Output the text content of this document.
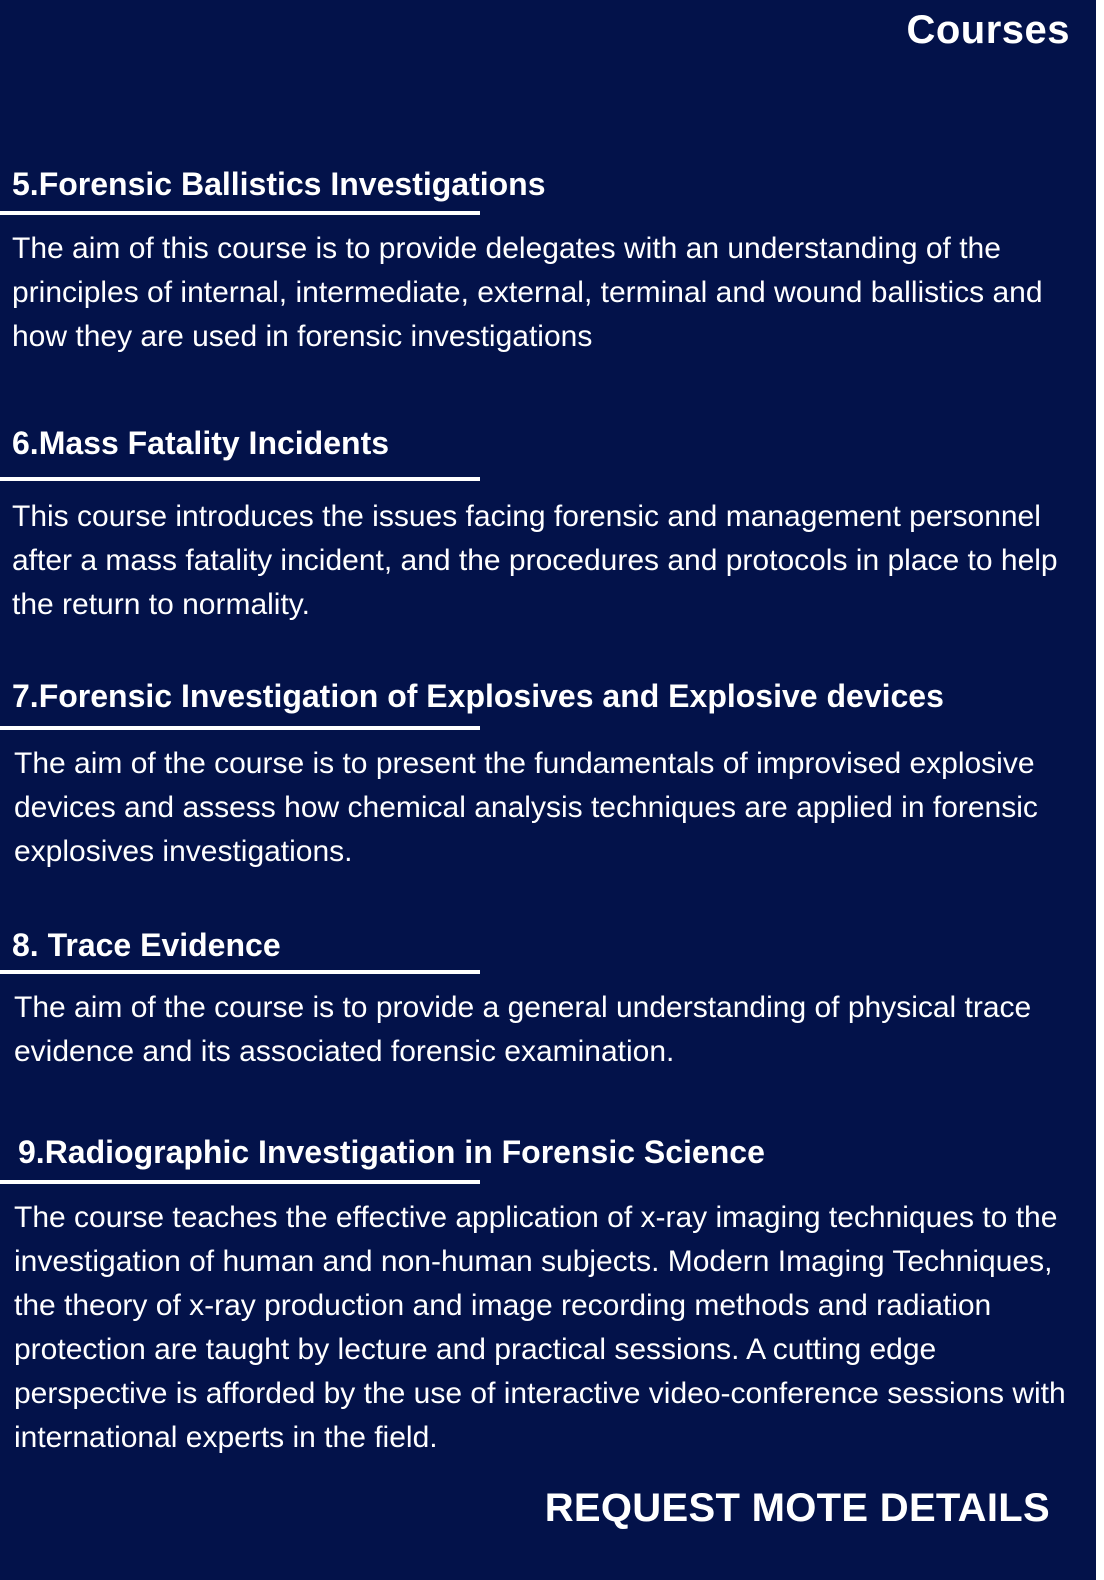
Courses
5.Forensic Ballistics Investigations

The aim of this course is to provide delegates with an understanding of the principles of internal, intermediate, external, terminal and wound ballistics and how they are used in forensic investigations

6.Mass Fatality Incidents

This course introduces the issues facing forensic and management personnel after a mass fatality incident, and the procedures and protocols in place to help the return to normality.

7.Forensic Investigation of Explosives and Explosive devices

The aim of the course is to present the fundamentals of improvised explosive devices and assess how chemical analysis techniques are applied in forensic explosives investigations.

8. Trace Evidence

The aim of the course is to provide a general understanding of physical trace evidence and its associated forensic examination.

9.Radiographic Investigation in Forensic Science

The course teaches the effective application of x-ray imaging techniques to the investigation of human and non-human subjects. Modern Imaging Techniques, the theory of x-ray production and image recording methods and radiation protection are taught by lecture and practical sessions. A cutting edge perspective is afforded by the use of interactive video-conference sessions with international experts in the field.

REQUEST MOTE DETAILS
